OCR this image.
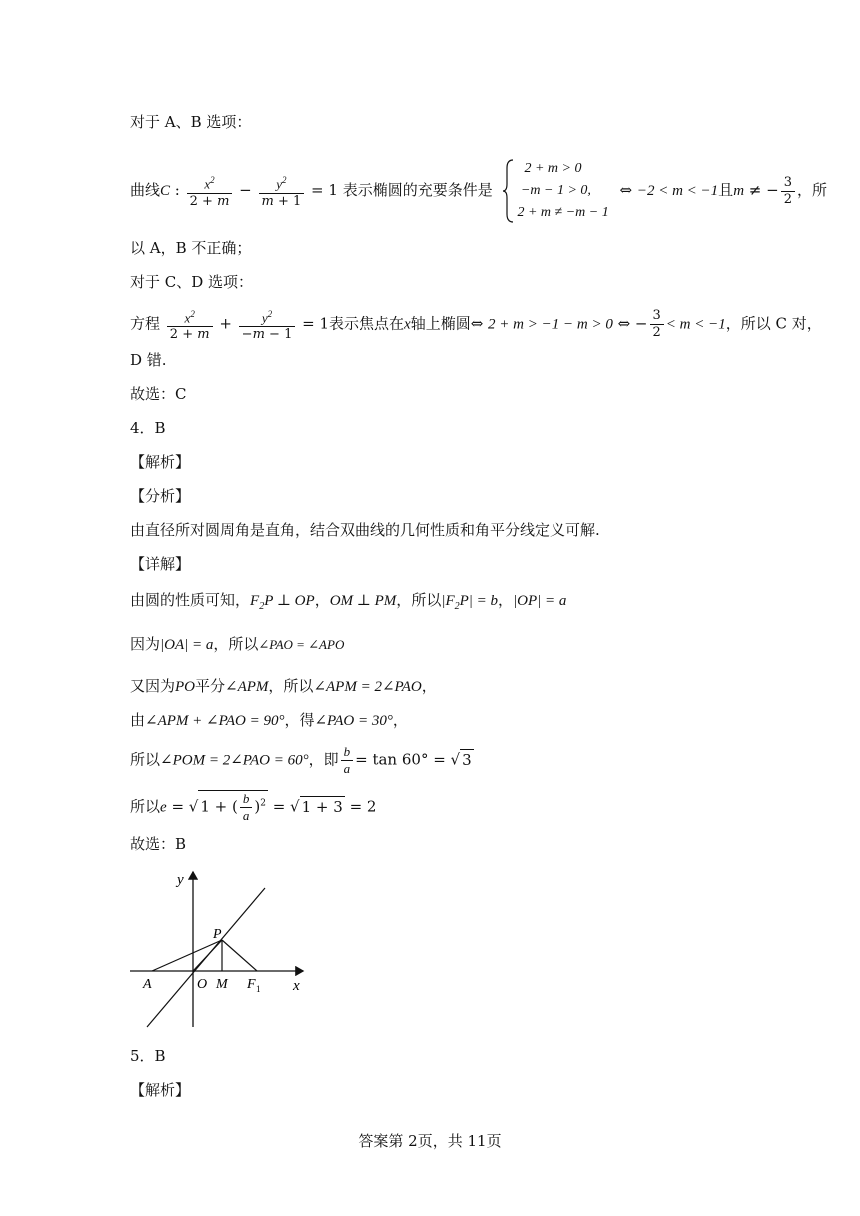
对于 A、B 选项：
曲线C : $\frac{x^2}{2 + m} - \frac{y^2}{m + 1} = 1$ 表示椭圆的充要条件是
2 + m > 0
−m − 1 > 0,
2 + m ≠ −m − 1
⇔ −2 < m < −1且m ≠ − $\frac{3}{2}$ ，所
以 A，B 不正确；
对于 C、D 选项：
方程 $\frac{x^2}{2 + m} + \frac{y^2}{-m - 1} = 1$表示焦点在x轴上椭圆⇔ 2 + m > −1 − m > 0 ⇔ − $\frac{3}{2} < m < -1$，所以 C 对，
D 错.
故选：C
4．B
【解析】
【分析】
由直径所对圆周角是直角，结合双曲线的几何性质和角平分线定义可解.
【详解】
由圆的性质可知，$F_2P$ ⊥ OP，OM ⊥ PM，所以$|F_2P| = b$，|OP| = a
因为|OA| = a，所以∠PAO = ∠APO
又因为PO平分∠APM，所以∠APM = 2∠PAO，
由∠APM + ∠PAO = 90°，得∠PAO = 30°，
所以∠POM = 2∠PAO = 60°，即 $\frac{b}{a} = \tan 60^\circ$ = √ 3
所以e = √ 1 + ( $\frac{b}{a} )^2$ = √ 1 + 3 = 2
故选：B
y
x
P
A	O M F 1
5．B
【解析】
答案第 2页，共 11页
